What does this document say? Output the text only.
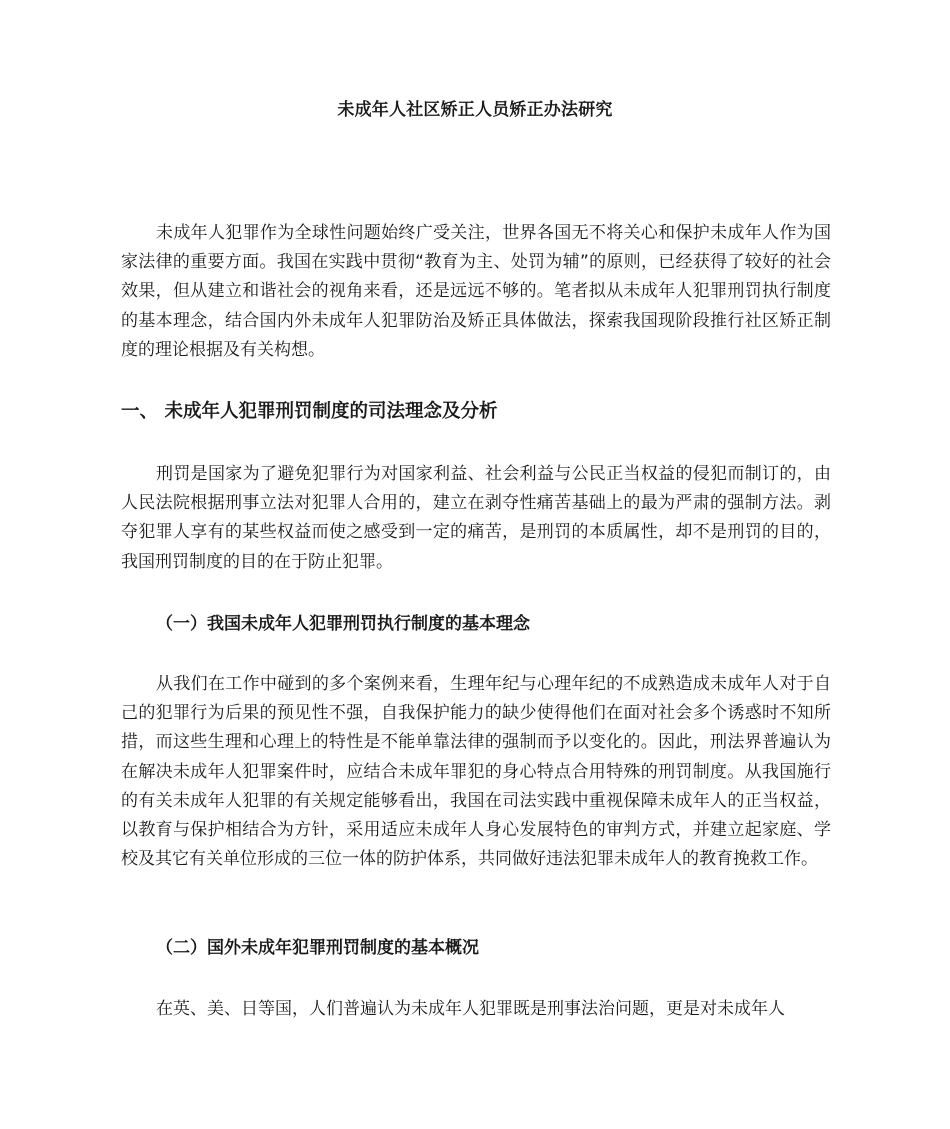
未成年人社区矫正人员矫正办法研究

未成年人犯罪作为全球性问题始终广受关注，世界各国无不将关心和保护未成年人作为国家法律的重要方面。我国在实践中贯彻“教育为主、处罚为辅”的原则，已经获得了较好的社会效果，但从建立和谐社会的视角来看，还是远远不够的。笔者拟从未成年人犯罪刑罚执行制度的基本理念，结合国内外未成年人犯罪防治及矫正具体做法，探索我国现阶段推行社区矫正制度的理论根据及有关构想。

一、 未成年人犯罪刑罚制度的司法理念及分析

刑罚是国家为了避免犯罪行为对国家利益、社会利益与公民正当权益的侵犯而制订的，由人民法院根据刑事立法对犯罪人合用的，建立在剥夺性痛苦基础上的最为严肃的强制方法。剥夺犯罪人享有的某些权益而使之感受到一定的痛苦，是刑罚的本质属性，却不是刑罚的目的，我国刑罚制度的目的在于防止犯罪。

（一）我国未成年人犯罪刑罚执行制度的基本理念

从我们在工作中碰到的多个案例来看，生理年纪与心理年纪的不成熟造成未成年人对于自己的犯罪行为后果的预见性不强，自我保护能力的缺少使得他们在面对社会多个诱惑时不知所措，而这些生理和心理上的特性是不能单靠法律的强制而予以变化的。因此，刑法界普遍认为在解决未成年人犯罪案件时，应结合未成年罪犯的身心特点合用特殊的刑罚制度。从我国施行的有关未成年人犯罪的有关规定能够看出，我国在司法实践中重视保障未成年人的正当权益，以教育与保护相结合为方针，采用适应未成年人身心发展特色的审判方式，并建立起家庭、学校及其它有关单位形成的三位一体的防护体系，共同做好违法犯罪未成年人的教育挽救工作。

（二）国外未成年犯罪刑罚制度的基本概况

在英、美、日等国，人们普遍认为未成年人犯罪既是刑事法治问题，更是对未成年人
